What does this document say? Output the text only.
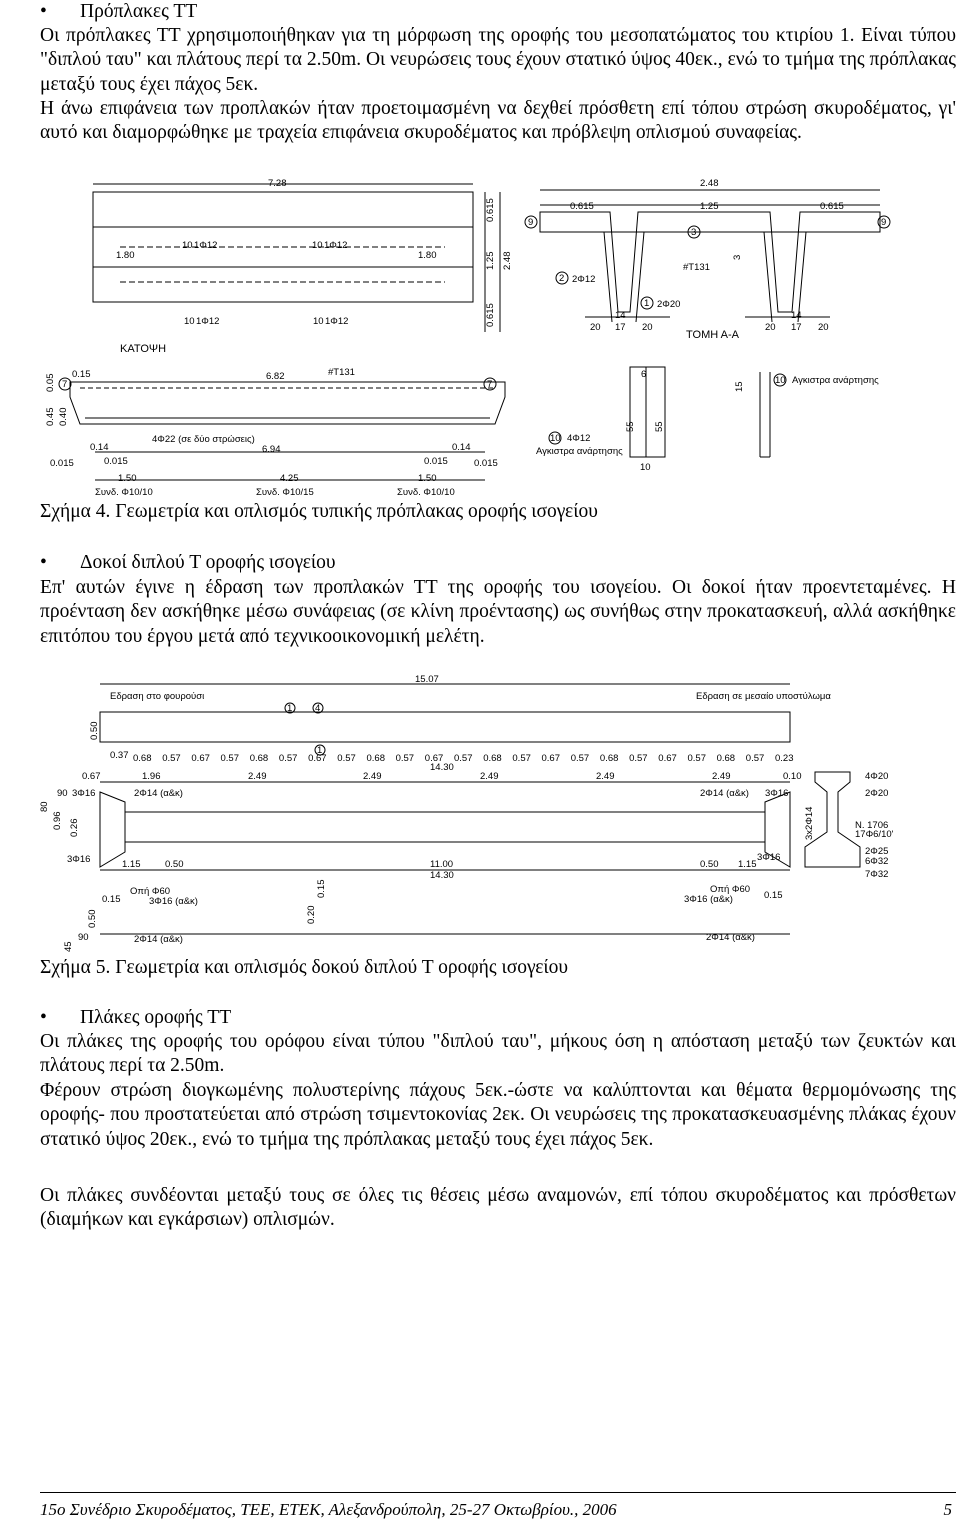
• Πρόπλακες ΤΤ
Οι πρόπλακες ΤΤ χρησιμοποιήθηκαν για τη μόρφωση της οροφής του μεσοπατώματος του κτιρίου 1. Είναι τύπου "διπλού ταυ" και πλάτους περί τα 2.50m. Οι νευρώσεις τους έχουν στατικό ύψος 40εκ., ενώ το τμήμα της πρόπλακας μεταξύ τους έχει πάχος 5εκ.
Η άνω επιφάνεια των προπλακών ήταν προετοιμασμένη να δεχθεί πρόσθετη επί τόπου στρώση σκυροδέματος, γι' αυτό και διαμορφώθηκε με τραχεία επιφάνεια σκυροδέματος και πρόβλεψη οπλισμού συναφείας.
7.28
1.80	1.80
10 1Φ12	10 1Φ12
10 1Φ12	10 1Φ12
ΚΑΤΟΨΗ
0.615
1.25 2.48
0.615
2.48
0.615	1.25	0.615
9
3
9
2
1
#T131
2Φ12
2Φ20
3
20
14
17 20	20
14
17 20
ΤΟΜΗ Α-Α
0.45 0.40
0.05 0.15
7	7
6.82	#T131
4Φ22 (σε δύο στρώσεις)
6.94
0.14	0.14
0.015	0.015	0.015	0.015
1.50	4.25	1.50
Συνδ. Φ10/10	Συνδ. Φ10/15	Συνδ. Φ10/10
6
55 55
10
15
10 4Φ12
Αγκιστρα ανάρτησης
10 Αγκιστρα ανάρτησης
Σχήμα 4. Γεωμετρία και οπλισμός τυπικής πρόπλακας οροφής ισογείου
• Δοκοί διπλού Τ οροφής ισογείου
Επ' αυτών έγινε η έδραση των προπλακών ΤΤ της οροφής του ισογείου. Οι δοκοί ήταν προεντεταμένες. Η προένταση δεν ασκήθηκε μέσω συνάφειας (σε κλίνη προέντασης) ως συνήθως στην προκατασκευή, αλλά ασκήθηκε επιτόπου του έργου μετά από τεχνικοοικονομική μελέτη.
15.07
Εδραση στο φουρούσι	Εδραση σε μεσαίο υποστύλωμα
1 4
1
0.50
0.37
14.30
0.67	1.96	2.49	2.49	2.49	2.49	2.49	0.10
3Φ16	2Φ14 (α&κ)	2Φ14 (α&κ) 3Φ16
90
80
0.96 0.26
3Φ16	3Φ16
1.15	0.50	11.00
14.30
0.50 1.15
Οπή Φ60	Οπή Φ60
3Φ16 (α&κ)	3Φ16 (α&κ)
2Φ14 (α&κ)	2Φ14 (α&κ)
0.15
0.50
90
45
0.20
0.15	0.15
4Φ20
2Φ20
3x2Φ14	N. 1706
17Φ6/10'
2Φ25
6Φ32
7Φ32
0.68 0.57 0.67 0.57 0.68 0.57 0.67 0.57 0.68 0.57 0.67 0.57 0.68 0.57 0.67 0.57 0.68 0.57 0.67 0.57 0.68 0.57 0.23
Σχήμα 5. Γεωμετρία και οπλισμός δοκού διπλού Τ οροφής ισογείου
• Πλάκες οροφής ΤΤ
Οι πλάκες της οροφής του ορόφου είναι τύπου "διπλού ταυ", μήκους όση η απόσταση μεταξύ των ζευκτών και πλάτους περί τα 2.50m.
Φέρουν στρώση διογκωμένης πολυστερίνης πάχους 5εκ.-ώστε να καλύπτονται και θέματα θερμομόνωσης της οροφής- που προστατεύεται από στρώση τσιμεντοκονίας 2εκ. Οι νευρώσεις της προκατασκευασμένης πλάκας έχουν στατικό ύψος 20εκ., ενώ το τμήμα της πρόπλακας μεταξύ τους έχει πάχος 5εκ.
Οι πλάκες συνδέονται μεταξύ τους σε όλες τις θέσεις μέσω αναμονών, επί τόπου σκυροδέματος και πρόσθετων (διαμήκων και εγκάρσιων) οπλισμών.
15ο Συνέδριο Σκυροδέματος, ΤΕΕ, ΕΤΕΚ, Αλεξανδρούπολη, 25-27 Οκτωβρίου., 2006	5
